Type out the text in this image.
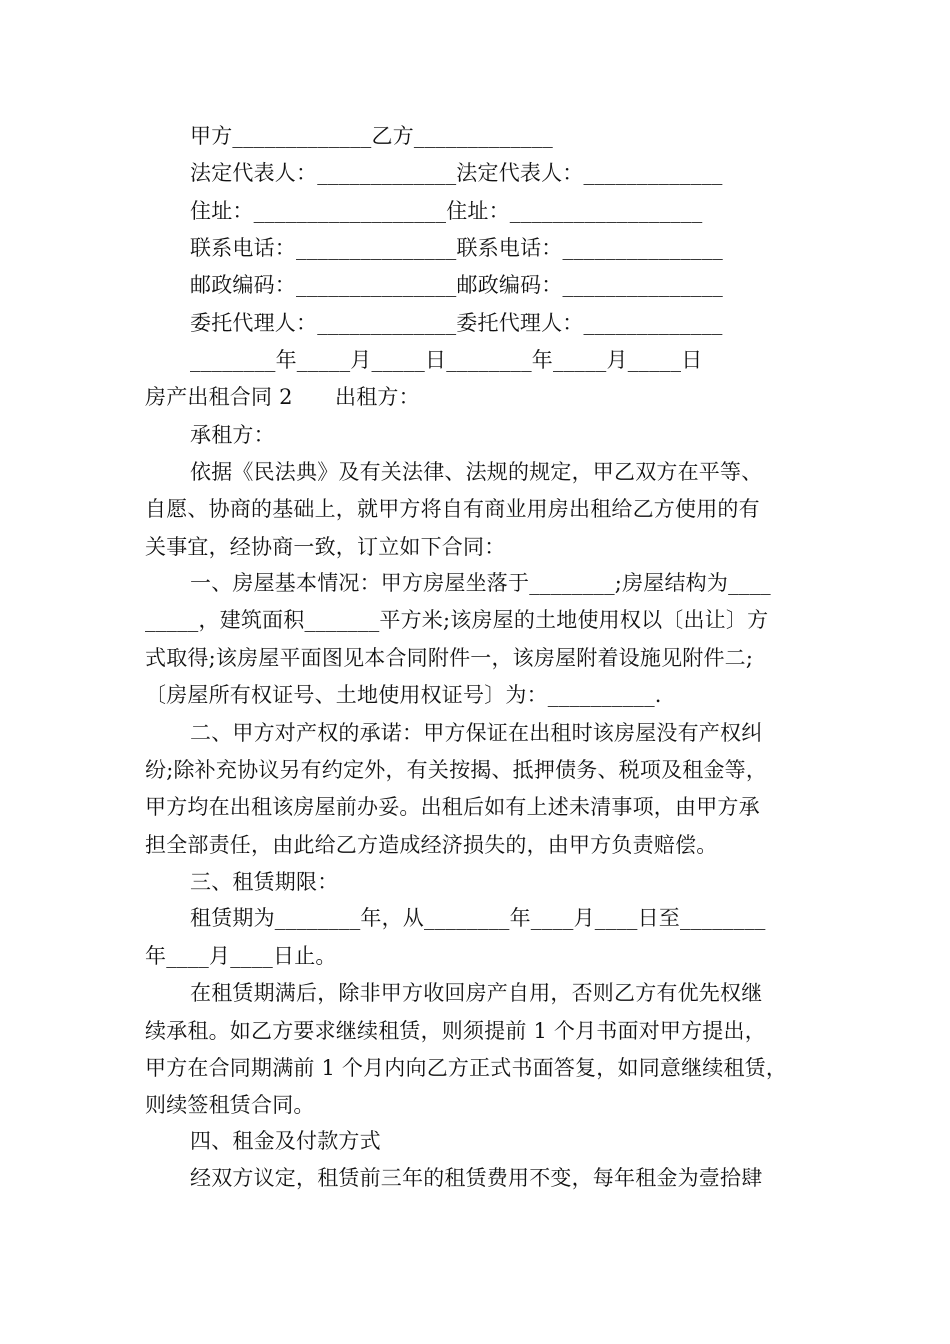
甲方_____________乙方_____________
法定代表人：_____________法定代表人：_____________
住址：__________________住址：__________________
联系电话：_______________联系电话：_______________
邮政编码：_______________邮政编码：_______________
委托代理人：_____________委托代理人：_____________
________年_____月_____日________年_____月_____日
房产出租合同 2　　出租方：
承租方：
依据《民法典》及有关法律、法规的规定，甲乙双方在平等、
自愿、协商的基础上，就甲方将自有商业用房出租给乙方使用的有
关事宜，经协商一致，订立如下合同：
一、房屋基本情况：甲方房屋坐落于________;房屋结构为____
_____，建筑面积_______平方米;该房屋的土地使用权以〔出让〕方
式取得;该房屋平面图见本合同附件一，该房屋附着设施见附件二;
〔房屋所有权证号、土地使用权证号〕为：__________.
二、甲方对产权的承诺：甲方保证在出租时该房屋没有产权纠
纷;除补充协议另有约定外，有关按揭、抵押债务、税项及租金等，
甲方均在出租该房屋前办妥。出租后如有上述未清事项，由甲方承
担全部责任，由此给乙方造成经济损失的，由甲方负责赔偿。
三、租赁期限：
租赁期为________年，从________年____月____日至________
年____月____日止。
在租赁期满后，除非甲方收回房产自用，否则乙方有优先权继
续承租。如乙方要求继续租赁，则须提前 1 个月书面对甲方提出，
甲方在合同期满前 1 个月内向乙方正式书面答复，如同意继续租赁，
则续签租赁合同。
四、租金及付款方式
经双方议定，租赁前三年的租赁费用不变，每年租金为壹拾肆
